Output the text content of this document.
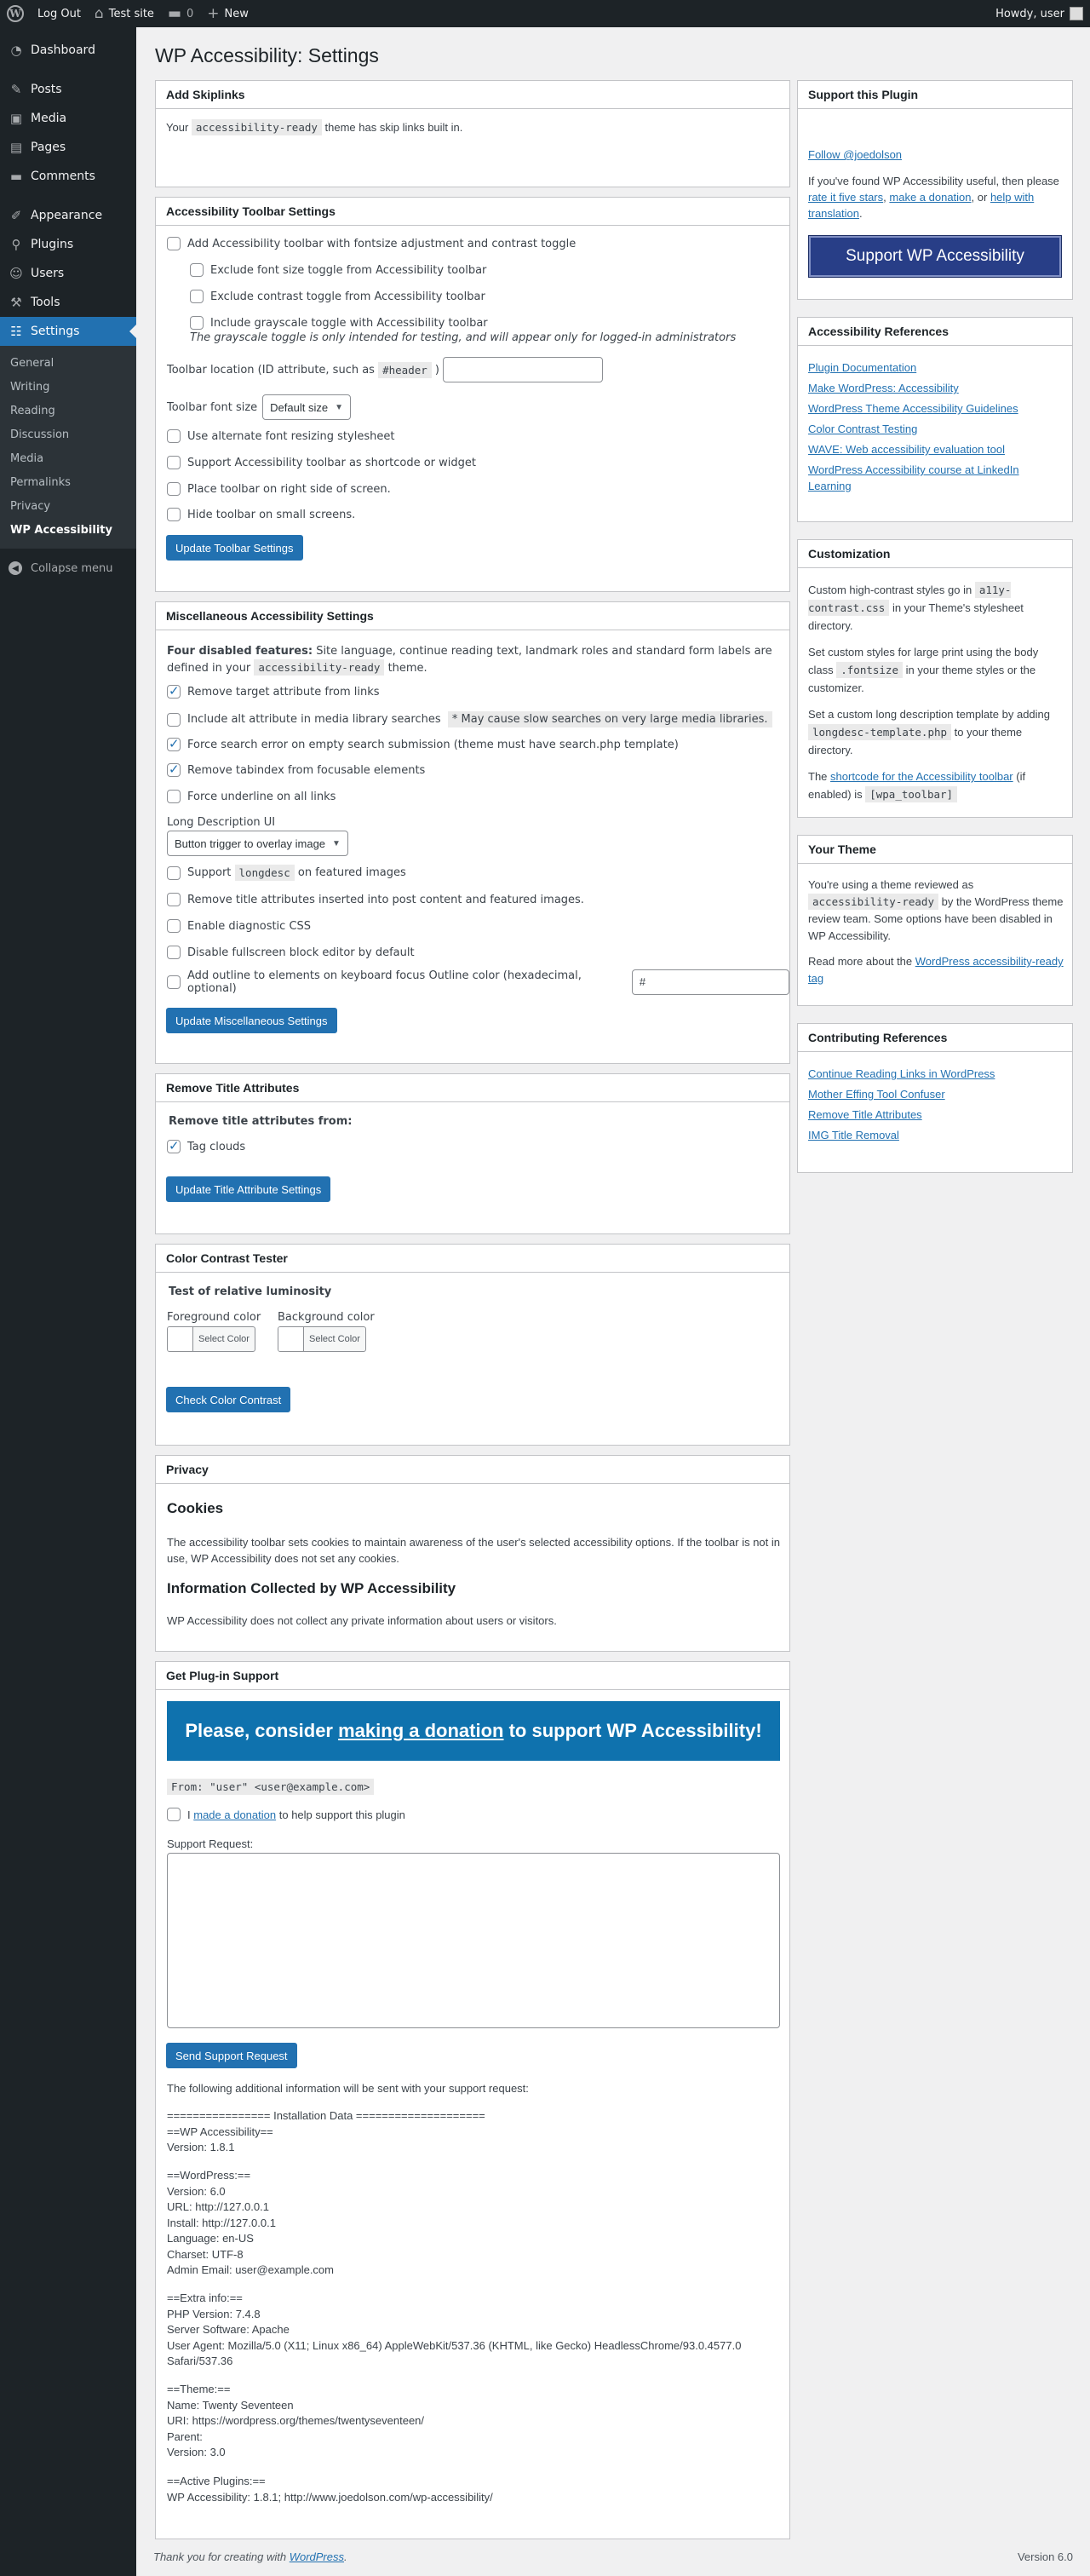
W Log Out ⌂ Test site ▬ 0 + New	Howdy, user
◔ Dashboard
✎ Posts
▣ Media
▤ Pages
▬ Comments
✐ Appearance
⚲ Plugins
☺ Users
⚒ Tools
☷ Settings
General
Writing
Reading
Discussion
Media
Permalinks
Privacy
WP Accessibility
◀	Collapse menu
WP Accessibility: Settings
Add Skiplinks
Your accessibility-ready theme has skip links built in.
Accessibility Toolbar Settings
Add Accessibility toolbar with fontsize adjustment and contrast toggle
Exclude font size toggle from Accessibility toolbar
Exclude contrast toggle from Accessibility toolbar
Include grayscale toggle with Accessibility toolbar
The grayscale toggle is only intended for testing, and will appear only for logged-in administrators
Toolbar location (ID attribute, such as
#header
)
Toolbar font size Default size ▼
Use alternate font resizing stylesheet
Support Accessibility toolbar as shortcode or widget
Place toolbar on right side of screen.
Hide toolbar on small screens.
Update Toolbar Settings
Miscellaneous Accessibility Settings
Four disabled features: Site language, continue reading text, landmark roles and standard form labels are defined in your accessibility-ready theme.
✓
Remove target attribute from links
Include alt attribute in media library searches
	* May cause slow searches on very large media libraries.
✓
Force search error on empty search submission (theme must have search.php template)
✓
Remove tabindex from focusable elements
Force underline on all links
Long Description UI
Button trigger to overlay image ▼
Support
longdesc
on featured images
Remove title attributes inserted into post content and featured images.
Enable diagnostic CSS
Disable fullscreen block editor by default
Add outline to elements on keyboard focus Outline color (hexadecimal, optional)
#
Update Miscellaneous Settings
Remove Title Attributes
Remove title attributes from:
✓
Tag clouds
Update Title Attribute Settings
Color Contrast Tester
Test of relative luminosity
Foreground color
Select Color
Background color
Select Color
Check Color Contrast
Privacy
Cookies
The accessibility toolbar sets cookies to maintain awareness of the user's selected accessibility options. If the toolbar is not in use, WP Accessibility does not set any cookies.
Information Collected by WP Accessibility
WP Accessibility does not collect any private information about users or visitors.
Get Plug-in Support
Please, consider
making a donation
to support WP Accessibility!
From: "user" <user@example.com>
I
made a donation
to help support this plugin
Support Request:
Send Support Request
The following additional information will be sent with your support request:
================ Installation Data ====================
==WP Accessibility==
Version: 1.8.1
==WordPress:==
Version: 6.0
URL: http://127.0.0.1
Install: http://127.0.0.1
Language: en-US
Charset: UTF-8
Admin Email: user@example.com
==Extra info:==
PHP Version: 7.4.8
Server Software: Apache
User Agent: Mozilla/5.0 (X11; Linux x86_64) AppleWebKit/537.36 (KHTML, like Gecko) HeadlessChrome/93.0.4577.0
Safari/537.36
==Theme:==
Name: Twenty Seventeen
URI: https://wordpress.org/themes/twentyseventeen/
Parent:
Version: 3.0
==Active Plugins:==
WP Accessibility: 1.8.1; http://www.joedolson.com/wp-accessibility/
Support this Plugin
Follow @joedolson
If you've found WP Accessibility useful, then please rate it five stars, make a donation, or help with translation.
Support WP Accessibility
Accessibility References
Plugin Documentation
Make WordPress: Accessibility
WordPress Theme Accessibility Guidelines
Color Contrast Testing
WAVE: Web accessibility evaluation tool
WordPress Accessibility course at LinkedIn Learning
Customization

Custom high-contrast styles go in a11y-contrast.css in your Theme's stylesheet directory.

Set custom styles for large print using the body class .fontsize in your theme styles or the customizer.

Set a custom long description template by adding longdesc-template.php to your theme directory.

The shortcode for the Accessibility toolbar (if enabled) is [wpa_toolbar]

Your Theme

You're using a theme reviewed as accessibility-ready by the WordPress theme review team. Some options have been disabled in WP Accessibility.

Read more about the WordPress accessibility-ready tag

Contributing References
Continue Reading Links in WordPress
Mother Effing Tool Confuser
Remove Title Attributes
IMG Title Removal
Thank you for creating with WordPress.	Version 6.0
